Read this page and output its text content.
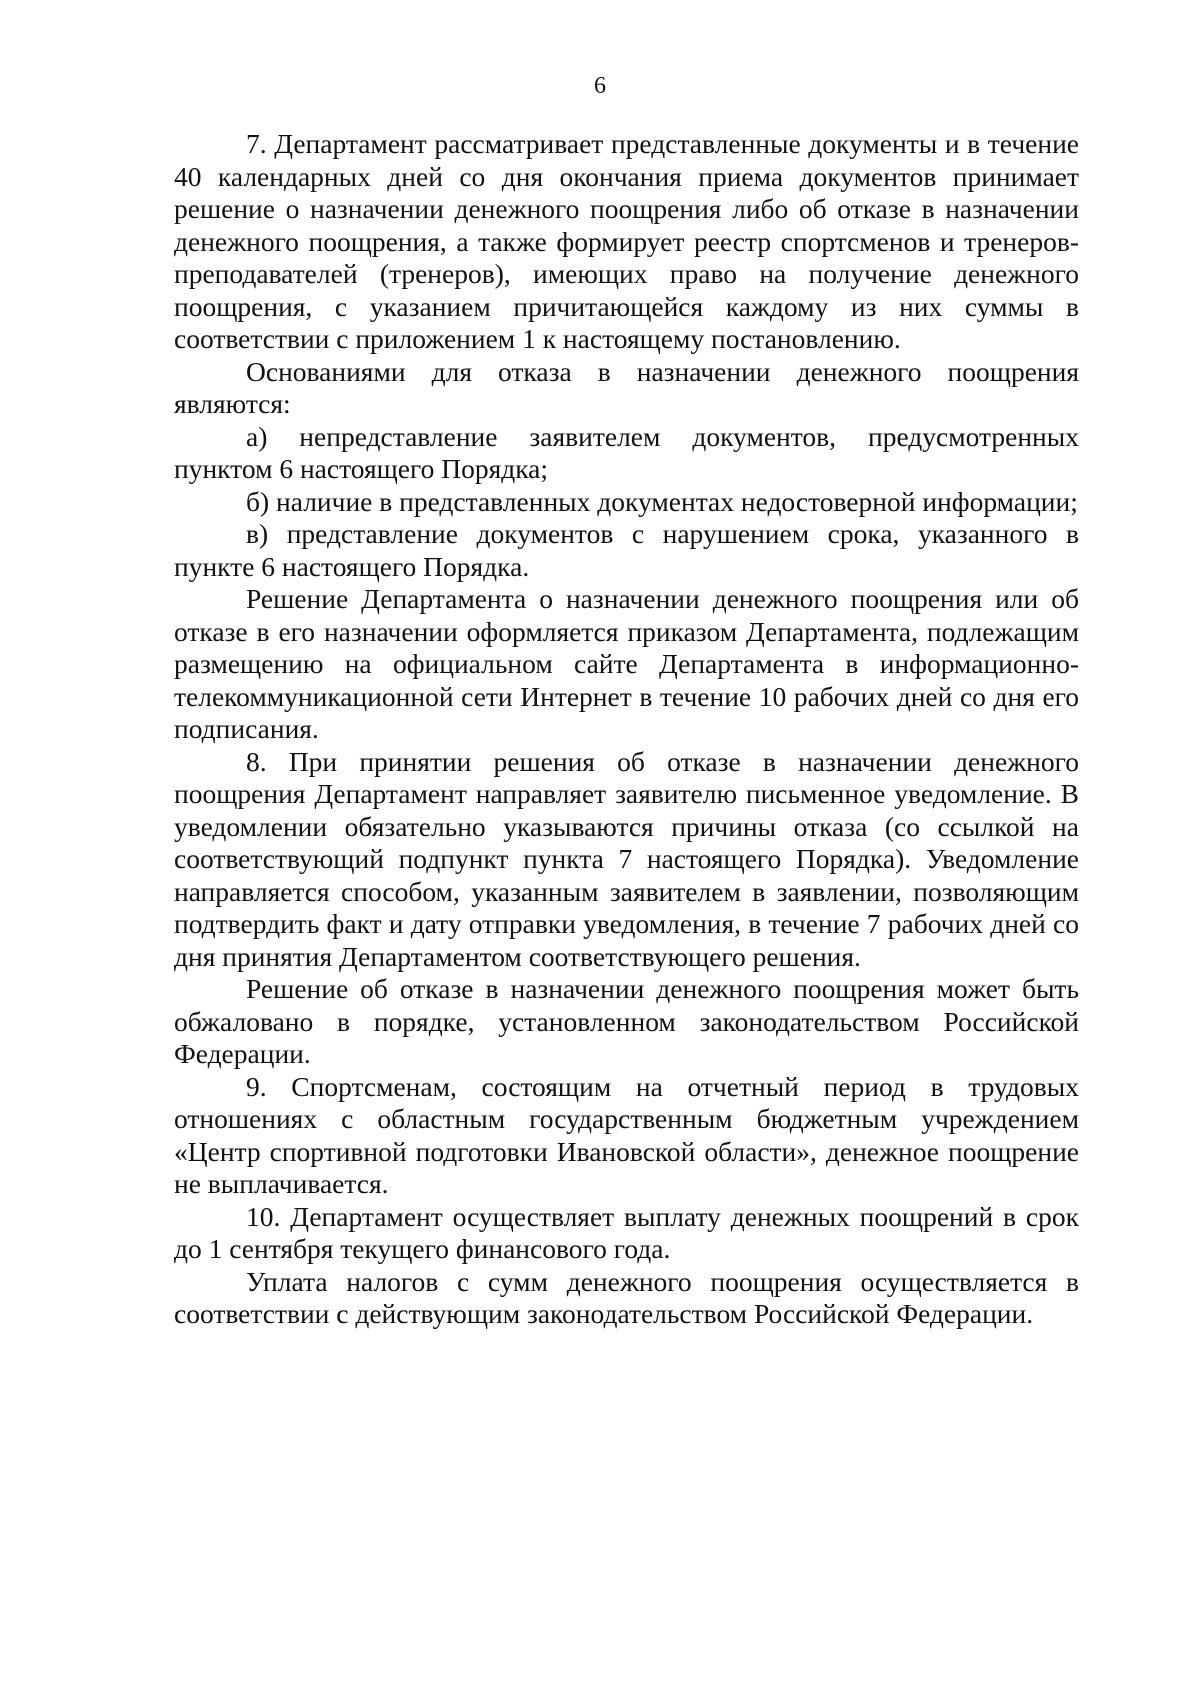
6

7. Департамент рассматривает представленные документы и в течение 40 календарных дней со дня окончания приема документов принимает решение о назначении денежного поощрения либо об отказе в назначении денежного поощрения, а также формирует реестр спортсменов и тренеров-преподавателей (тренеров), имеющих право на получение денежного поощрения, с указанием причитающейся каждому из них суммы в соответствии с приложением 1 к настоящему постановлению.

Основаниями для отказа в назначении денежного поощрения являются:

а) непредставление заявителем документов, предусмотренных пунктом 6 настоящего Порядка;

б) наличие в представленных документах недостоверной информации;

в) представление документов с нарушением срока, указанного в пункте 6 настоящего Порядка.

Решение Департамента о назначении денежного поощрения или об отказе в его назначении оформляется приказом Департамента, подлежащим размещению на официальном сайте Департамента в информационно-телекоммуникационной сети Интернет в течение 10 рабочих дней со дня его подписания.

8. При принятии решения об отказе в назначении денежного поощрения Департамент направляет заявителю письменное уведомление. В уведомлении обязательно указываются причины отказа (со ссылкой на соответствующий подпункт пункта 7 настоящего Порядка). Уведомление направляется способом, указанным заявителем в заявлении, позволяющим подтвердить факт и дату отправки уведомления, в течение 7 рабочих дней со дня принятия Департаментом соответствующего решения.

Решение об отказе в назначении денежного поощрения может быть обжаловано в порядке, установленном законодательством Российской Федерации.

9. Спортсменам, состоящим на отчетный период в трудовых отношениях с областным государственным бюджетным учреждением «Центр спортивной подготовки Ивановской области», денежное поощрение не выплачивается.

10. Департамент осуществляет выплату денежных поощрений в срок до 1 сентября текущего финансового года.

Уплата налогов с сумм денежного поощрения осуществляется в соответствии с действующим законодательством Российской Федерации.
